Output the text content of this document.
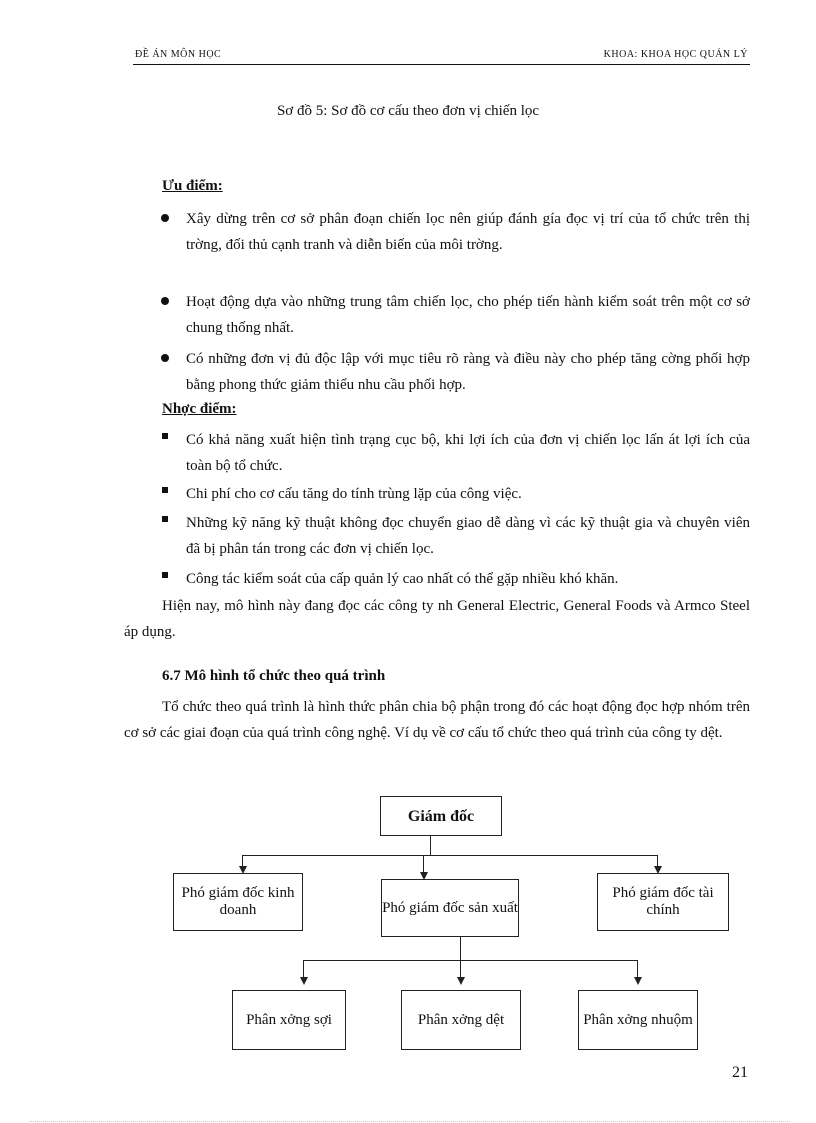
ĐỀ ÁN MÔN HỌC	KHOA: KHOA HỌC QUẢN LÝ
Sơ đồ 5: Sơ đồ cơ cấu theo đơn vị chiến lọc
Ưu điểm:
Xây dừng trên cơ sở phân đoạn chiến lọc nên giúp đánh gía đọc vị trí của tổ chức trên thị trờng, đối thủ cạnh tranh và diễn biến của môi trờng.
Hoạt động dựa vào những trung tâm chiến lọc, cho phép tiến hành kiểm soát trên một cơ sở chung thống nhất.
Có những đơn vị đủ độc lập với mục tiêu rõ ràng và điều này cho phép tăng cờng phối hợp bằng phong thức giảm thiểu nhu cầu phối hợp.
Nhợc điểm:
Có khả năng xuất hiện tình trạng cục bộ, khi lợi ích của đơn vị chiến lọc lấn át lợi ích của toàn bộ tổ chức.
Chi phí cho cơ cấu tăng do tính trùng lặp của công việc.
Những kỹ năng kỹ thuật không đọc chuyển giao dễ dàng vì các kỹ thuật gia và chuyên viên đã bị phân tán trong các đơn vị chiến lọc.
Công tác kiểm soát của cấp quản lý cao nhất có thể gặp nhiều khó khăn.
Hiện nay, mô hình này đang đọc các công ty nh General Electric, General Foods và Armco Steel áp dụng.
6.7 Mô hình tổ chức theo quá trình
Tổ chức theo quá trình là hình thức phân chia bộ phận trong đó các hoạt động đọc hợp nhóm trên cơ sở các giai đoạn của quá trình công nghệ. Ví dụ về cơ cấu tổ chức theo quá trình của công ty dệt.
Giám đốc
Phó giám đốc kinh doanh	Phó giám đốc sản xuất
Phó giám đốc tài chính
Phân xởng sợi	Phân xởng dệt	Phân xởng nhuộm
21
